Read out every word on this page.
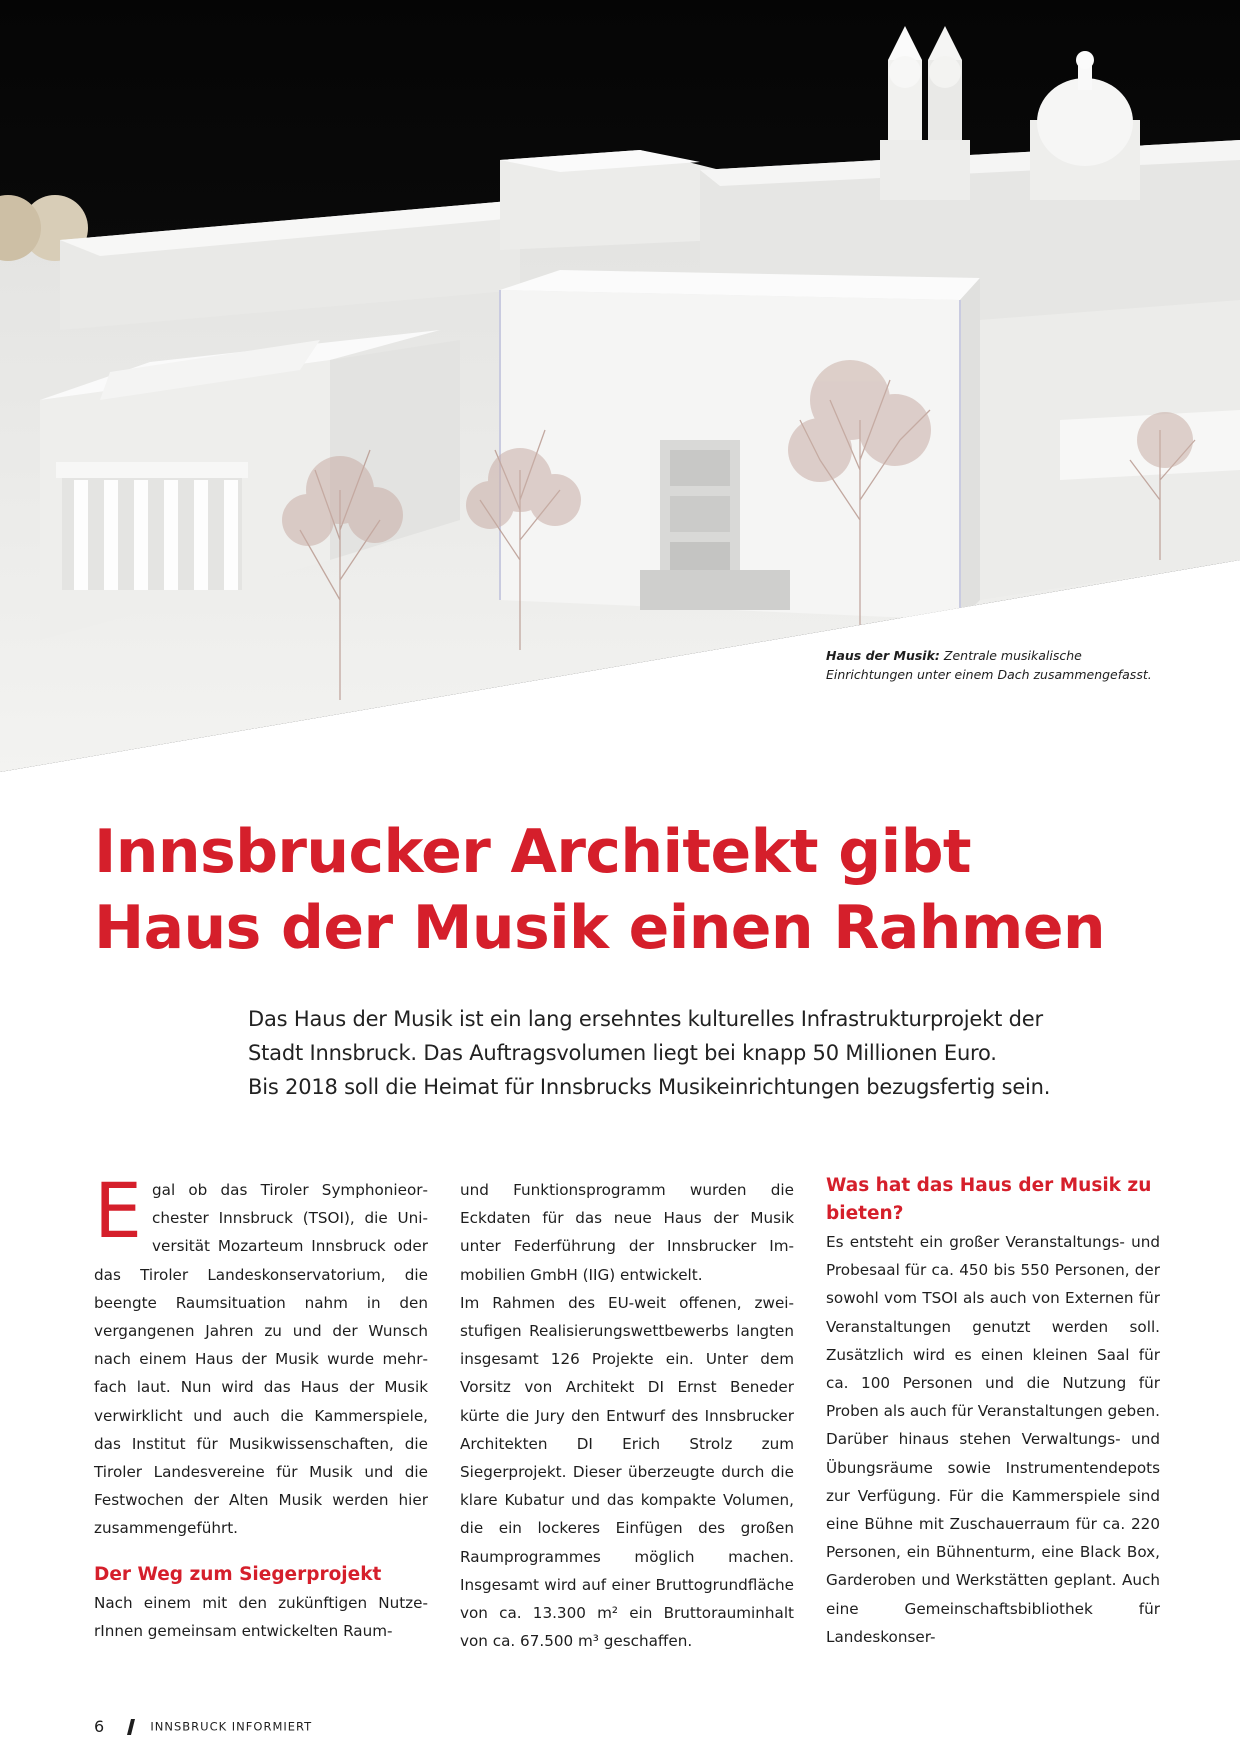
Haus der Musik: Zentrale musikalische Einrichtungen unter einem Dach zusammengefasst.
Innsbrucker Architekt gibt
Haus der Musik einen Rahmen
Das Haus der Musik ist ein lang ersehntes kulturelles Infrastrukturprojekt der
Stadt Innsbruck. Das Auftragsvolumen liegt bei knapp 50 Millionen Euro.
Bis 2018 soll die Heimat für Innsbrucks Musikeinrichtungen bezugsfertig sein.

Egal ob das Tiroler Symphonieorchester Innsbruck (TSOI), die Universität Mozarteum Innsbruck oder das Tiroler Landeskonservatorium, die beengte Raumsituation nahm in den vergangenen Jahren zu und der Wunsch nach einem Haus der Musik wurde mehrfach laut. Nun wird das Haus der Musik verwirklicht und auch die Kammerspiele, das Institut für Musikwissenschaften, die Tiroler Landesvereine für Musik und die Festwochen der Alten Musik werden hier zusammengeführt.

Der Weg zum Siegerprojekt

Nach einem mit den zukünftigen NutzerInnen gemeinsam entwickelten Raum-

und Funktionsprogramm wurden die Eckdaten für das neue Haus der Musik unter Federführung der Innsbrucker Immobilien GmbH (IIG) entwickelt.

Im Rahmen des EU-weit offenen, zweistufigen Realisierungswettbewerbs langten insgesamt 126 Projekte ein. Unter dem Vorsitz von Architekt DI Ernst Beneder kürte die Jury den Entwurf des Innsbrucker Architekten DI Erich Strolz zum Siegerprojekt. Dieser überzeugte durch die klare Kubatur und das kompakte Volumen, die ein lockeres Einfügen des großen Raumprogrammes möglich machen. Insgesamt wird auf einer Bruttogrundfläche von ca. 13.300 m² ein Bruttorauminhalt von ca. 67.500 m³ geschaffen.

Was hat das Haus der Musik zu bieten?

Es entsteht ein großer Veranstaltungs- und Probesaal für ca. 450 bis 550 Personen, der sowohl vom TSOI als auch von Externen für Veranstaltungen genutzt werden soll. Zusätzlich wird es einen kleinen Saal für ca. 100 Personen und die Nutzung für Proben als auch für Veranstaltungen geben. Darüber hinaus stehen Verwaltungs- und Übungsräume sowie Instrumentendepots zur Verfügung. Für die Kammerspiele sind eine Bühne mit Zuschauerraum für ca. 220 Personen, ein Bühnenturm, eine Black Box, Garderoben und Werkstätten geplant. Auch eine Gemeinschaftsbibliothek für Landeskonser-

6	INNSBRUCK INFORMIERT
